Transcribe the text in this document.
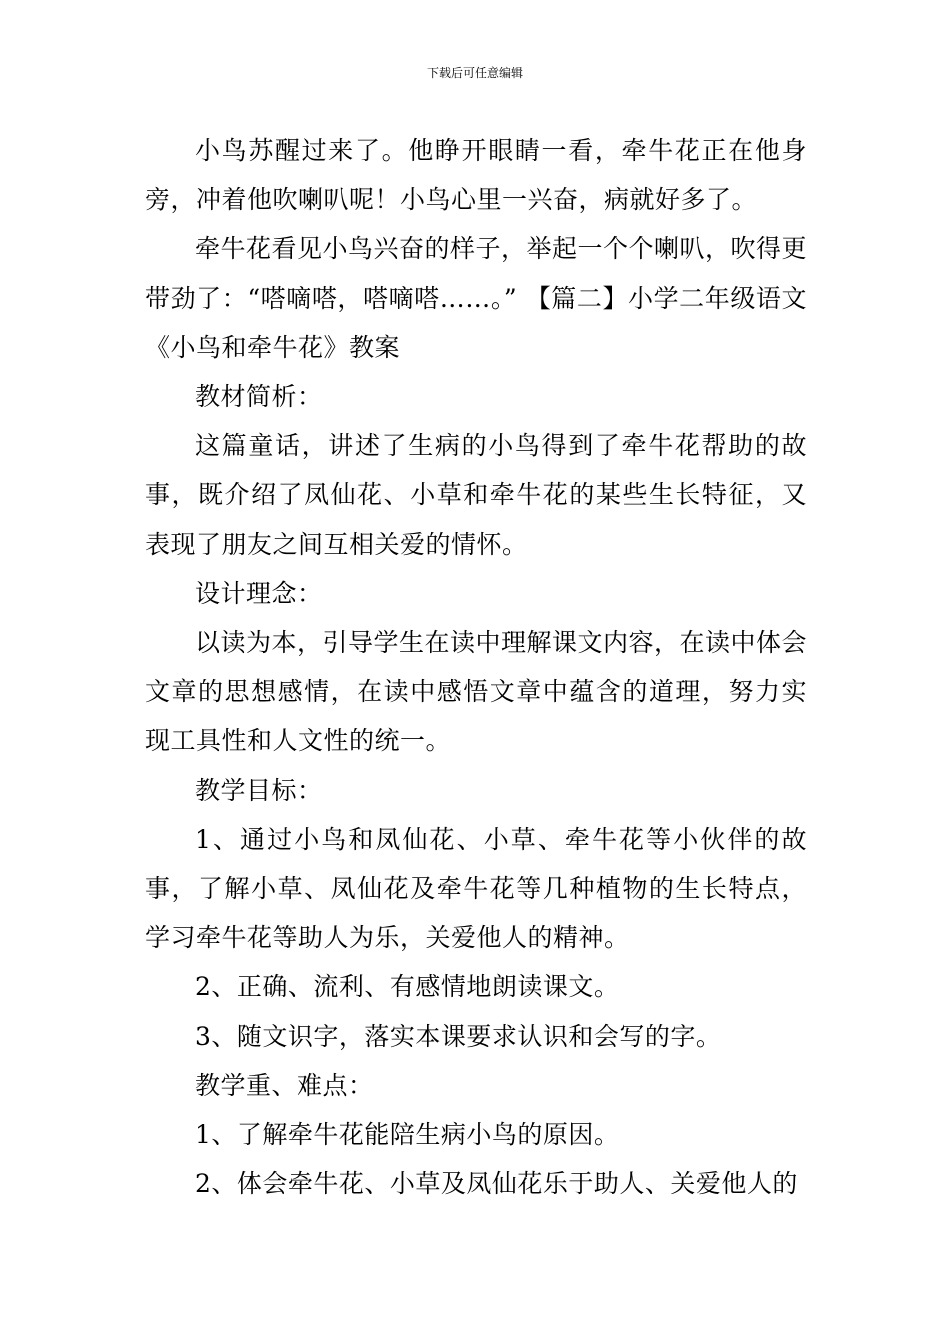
下载后可任意编辑

小鸟苏醒过来了。他睁开眼睛一看，牵牛花正在他身旁，冲着他吹喇叭呢！小鸟心里一兴奋，病就好多了。

牵牛花看见小鸟兴奋的样子，举起一个个喇叭，吹得更带劲了：“嗒嘀嗒，嗒嘀嗒……。” 【篇二】小学二年级语文《小鸟和牵牛花》教案

教材简析：

这篇童话，讲述了生病的小鸟得到了牵牛花帮助的故事，既介绍了凤仙花、小草和牵牛花的某些生长特征，又表现了朋友之间互相关爱的情怀。

设计理念：

以读为本，引导学生在读中理解课文内容，在读中体会文章的思想感情，在读中感悟文章中蕴含的道理，努力实现工具性和人文性的统一。

教学目标：

1、通过小鸟和凤仙花、小草、牵牛花等小伙伴的故事，了解小草、凤仙花及牵牛花等几种植物的生长特点，学习牵牛花等助人为乐，关爱他人的精神。

2、正确、流利、有感情地朗读课文。

3、随文识字，落实本课要求认识和会写的字。

教学重、难点：

1、了解牵牛花能陪生病小鸟的原因。

2、体会牵牛花、小草及凤仙花乐于助人、关爱他人的
